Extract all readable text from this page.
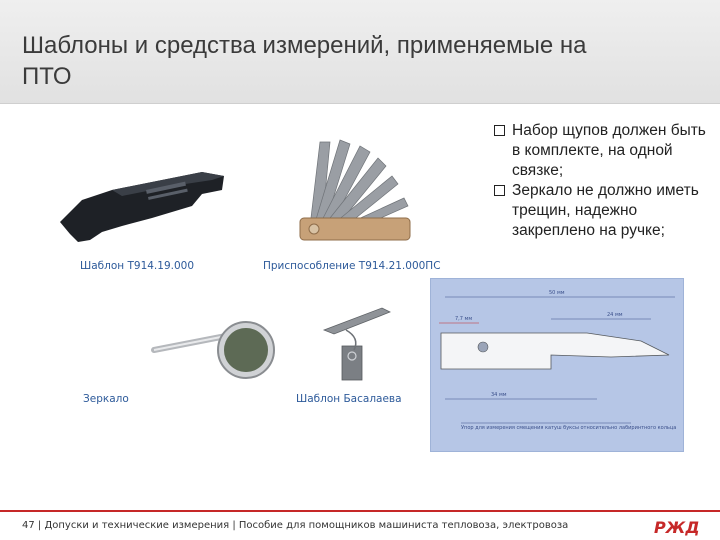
Шаблоны и средства измерений, применяемые на ПТО
Шаблон Т914.19.000	Приспособление Т914.21.000ПС
Зеркало	Шаблон Басалаева
Набор щупов должен быть в комплекте, на одной связке;
Зеркало не должно иметь трещин, надежно закреплено на ручке;
50 мм
7,7 мм
24 мм
34 мм
Упор для измерения смещения катуш буксы относительно лабиринтного кольца
47 | Допуски и технические измерения | Пособие для помощников машиниста тепловоза, электровоза	РЖД
